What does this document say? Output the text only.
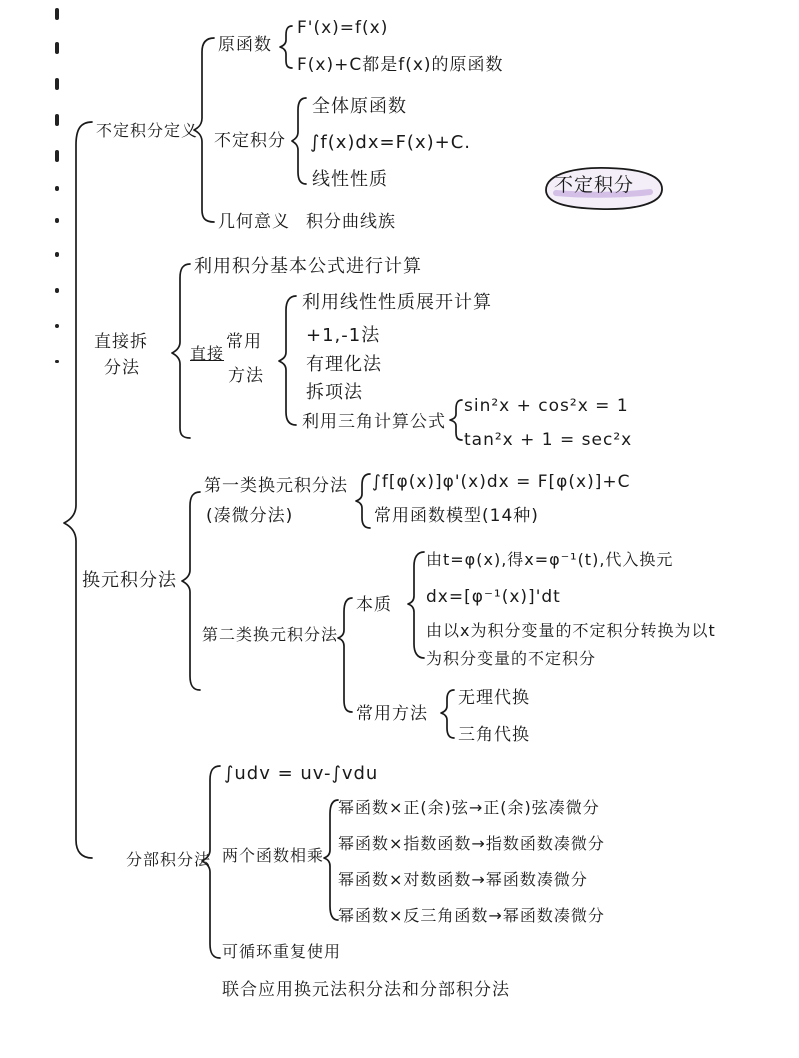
不定积分
不定积分定义
原函数
F'(x)=f(x)
F(x)+C都是f(x)的原函数
不定积分
全体原函数
∫f(x)dx=F(x)+C.
线性性质
几何意义 积分曲线族
直接拆
分法
利用积分基本公式进行计算
直接
常用
方法
利用线性性质展开计算
+1,-1法
有理化法
拆项法
利用三角计算公式
sin²x + cos²x = 1
tan²x + 1 = sec²x
换元积分法
第一类换元积分法
(凑微分法)
∫f[φ(x)]φ'(x)dx = F[φ(x)]+C
常用函数模型(14种)
第二类换元积分法
本质
由t=φ(x),得x=φ⁻¹(t),代入换元
dx=[φ⁻¹(x)]'dt
由以x为积分变量的不定积分转换为以t
为积分变量的不定积分
常用方法
无理代换
三角代换
分部积分法
∫udv = uv-∫vdu
两个函数相乘
幂函数×正(余)弦→正(余)弦凑微分
幂函数×指数函数→指数函数凑微分
幂函数×对数函数→幂函数凑微分
幂函数×反三角函数→幂函数凑微分
可循环重复使用
联合应用换元法积分法和分部积分法
